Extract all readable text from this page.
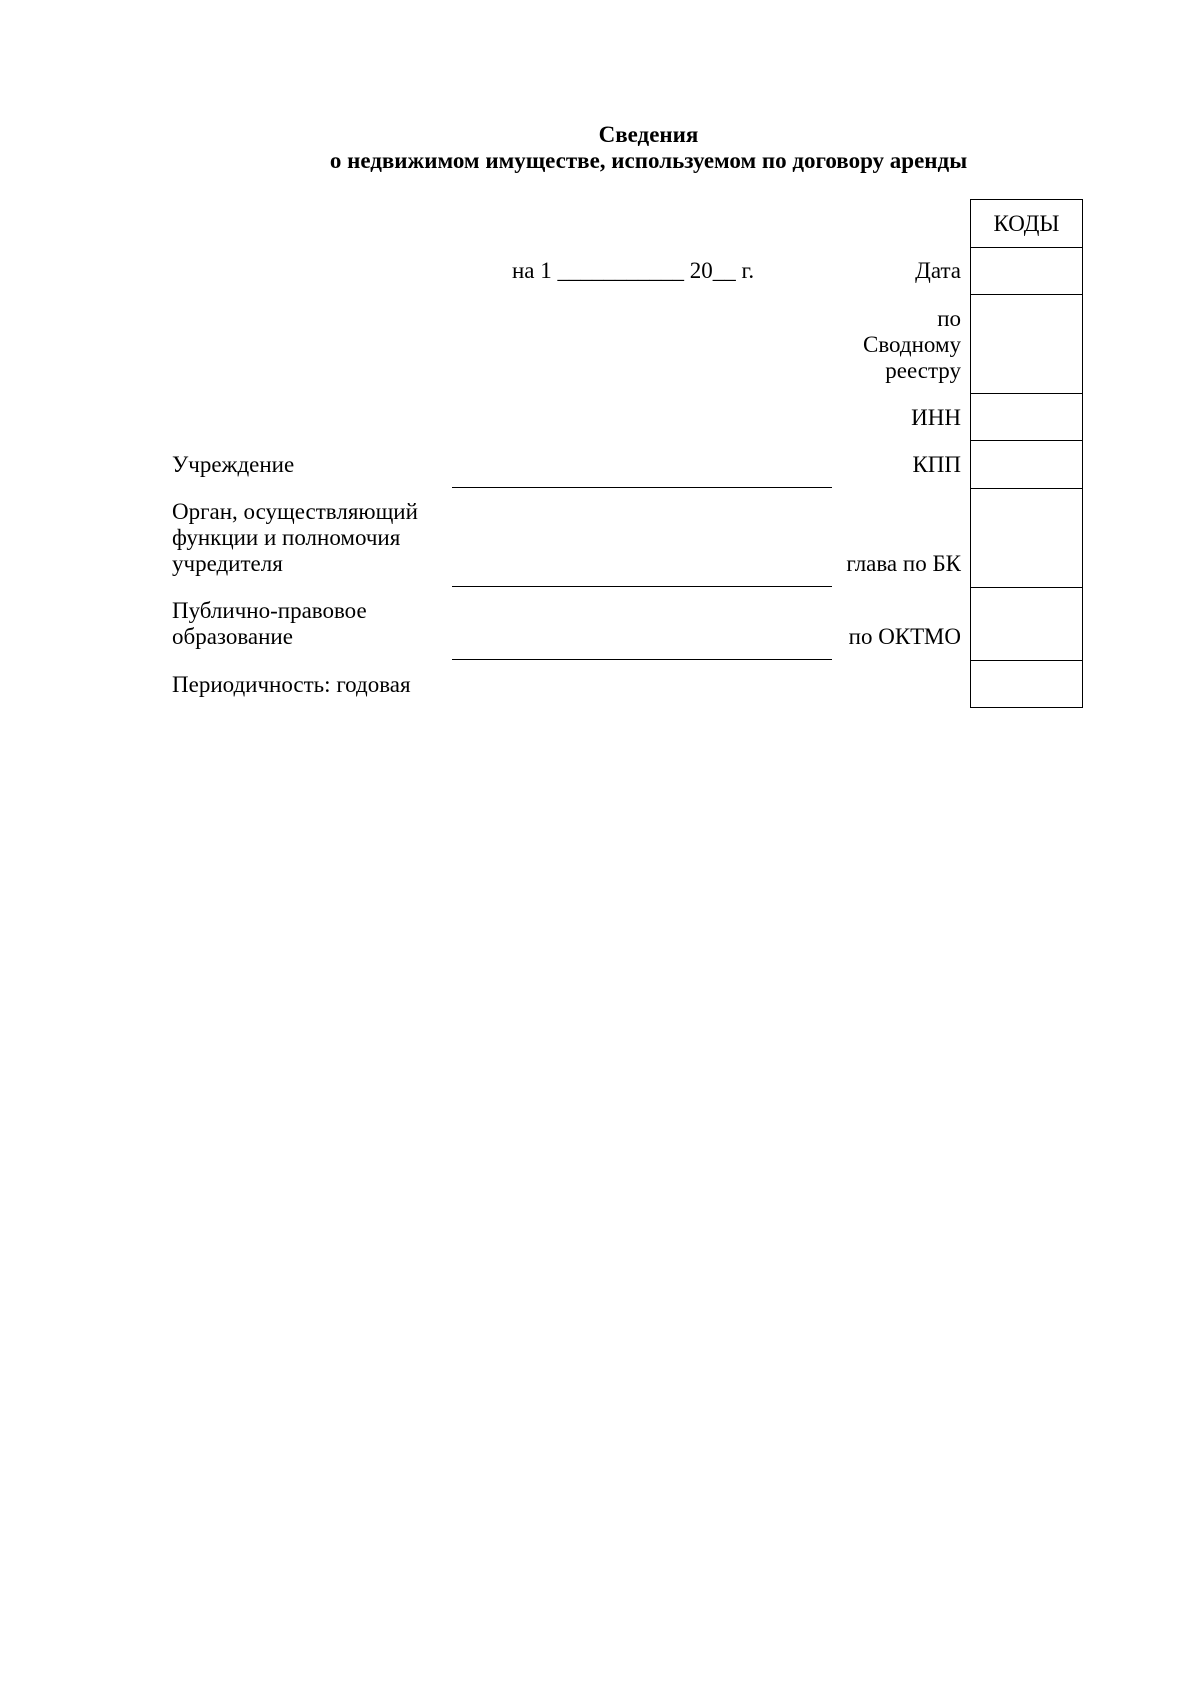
Сведения
о недвижимом имуществе, используемом по договору аренды
на 1 ___________ 20__ г.	Дата
по
Сводному
реестру
ИНН
КПП
глава по БК
по ОКТМО
Учреждение
Орган, осуществляющий
функции и полномочия
учредителя
Публично-правовое
образование
Периодичность: годовая
КОДЫ
